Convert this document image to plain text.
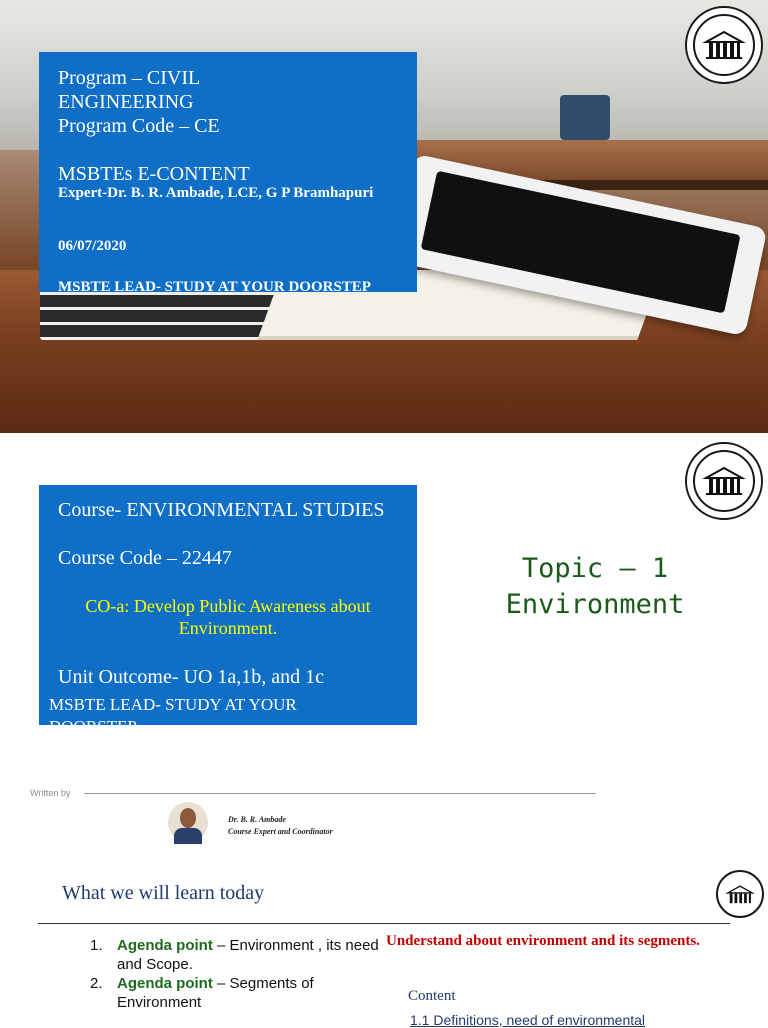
Program – CIVIL ENGINEERING
Program Code – CE
MSBTEs E-CONTENT
Expert-Dr. B. R. Ambade, LCE, G P Bramhapuri
06/07/2020
MSBTE LEAD- STUDY AT YOUR DOORSTEP
Course- ENVIRONMENTAL STUDIES
Course Code – 22447
CO-a: Develop Public Awareness about Environment.
Unit Outcome- UO 1a,1b, and 1c
MSBTE LEAD- STUDY AT YOUR DOORSTEP
Topic – 1
Environment
Written by
Dr. B. R. Ambade
Course Expert and Coordinator
What we will learn today
1. Agenda point – Environment , its need and Scope.
2. Agenda point – Segments of Environment
Understand about environment and its segments.
Content
1.1 Definitions, need of environmental
